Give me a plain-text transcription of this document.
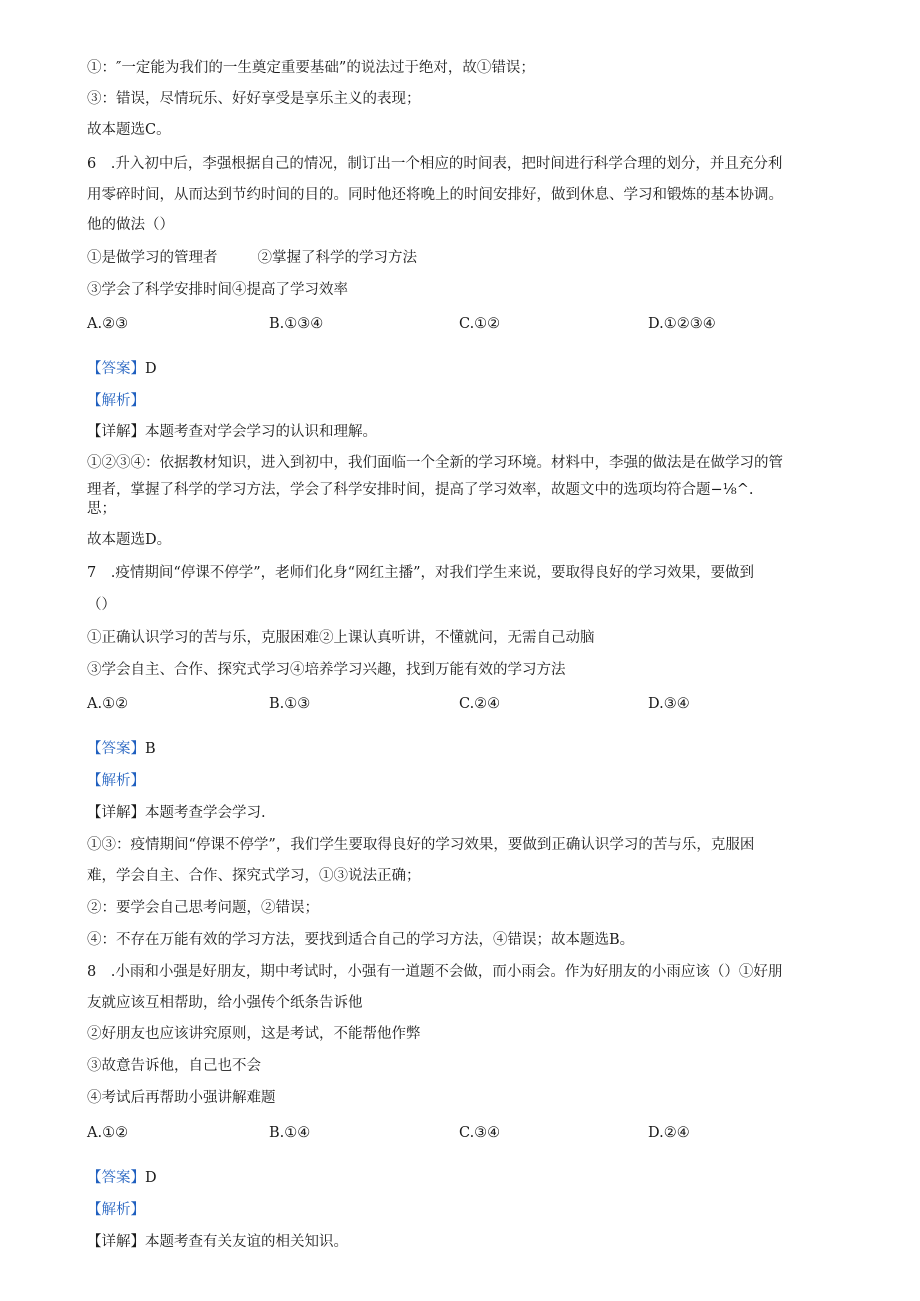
①：″一定能为我们的一生奠定重要基础”的说法过于绝对，故①错误；
③：错误，尽情玩乐、好好享受是享乐主义的表现；
故本题选C。
6　.升入初中后，李强根据自己的情况，制订出一个相应的时间表，把时间进行科学合理的划分，并且充分利
用零碎时间，从而达到节约时间的目的。同时他还将晚上的时间安排好，做到休息、学习和锻炼的基本协调。
他的做法（）
①是做学习的管理者	②掌握了科学的学习方法
③学会了科学安排时间④提高了学习效率
A.②③	B.①③④	C.①②	D.①②③④
【答案】D
【解析】
【详解】本题考查对学会学习的认识和理解。
①②③④：依据教材知识，进入到初中，我们面临一个全新的学习环境。材料中，李强的做法是在做学习的管
理者，掌握了科学的学习方法，学会了科学安排时间，提高了学习效率，故题文中的选项均符合题−⅛^.
思；
故本题选D。
7　.疫情期间“停课不停学”，老师们化身“网红主播”，对我们学生来说，要取得良好的学习效果，要做到
（）
①正确认识学习的苦与乐，克服困难②上课认真听讲，不懂就问，无需自己动脑
③学会自主、合作、探究式学习④培养学习兴趣，找到万能有效的学习方法
A.①②	B.①③	C.②④	D.③④
【答案】B
【解析】
【详解】本题考查学会学习.
①③：疫情期间“停课不停学”，我们学生要取得良好的学习效果，要做到正确认识学习的苦与乐，克服困
难，学会自主、合作、探究式学习，①③说法正确；
②：要学会自己思考问题，②错误；
④：不存在万能有效的学习方法，要找到适合自己的学习方法，④错误；故本题选B。
8　.小雨和小强是好朋友，期中考试时，小强有一道题不会做，而小雨会。作为好朋友的小雨应该（）①好朋
友就应该互相帮助，给小强传个纸条告诉他
②好朋友也应该讲究原则，这是考试，不能帮他作弊
③故意告诉他，自己也不会
④考试后再帮助小强讲解难题
A.①②	B.①④	C.③④	D.②④
【答案】D
【解析】
【详解】本题考查有关友谊的相关知识。
